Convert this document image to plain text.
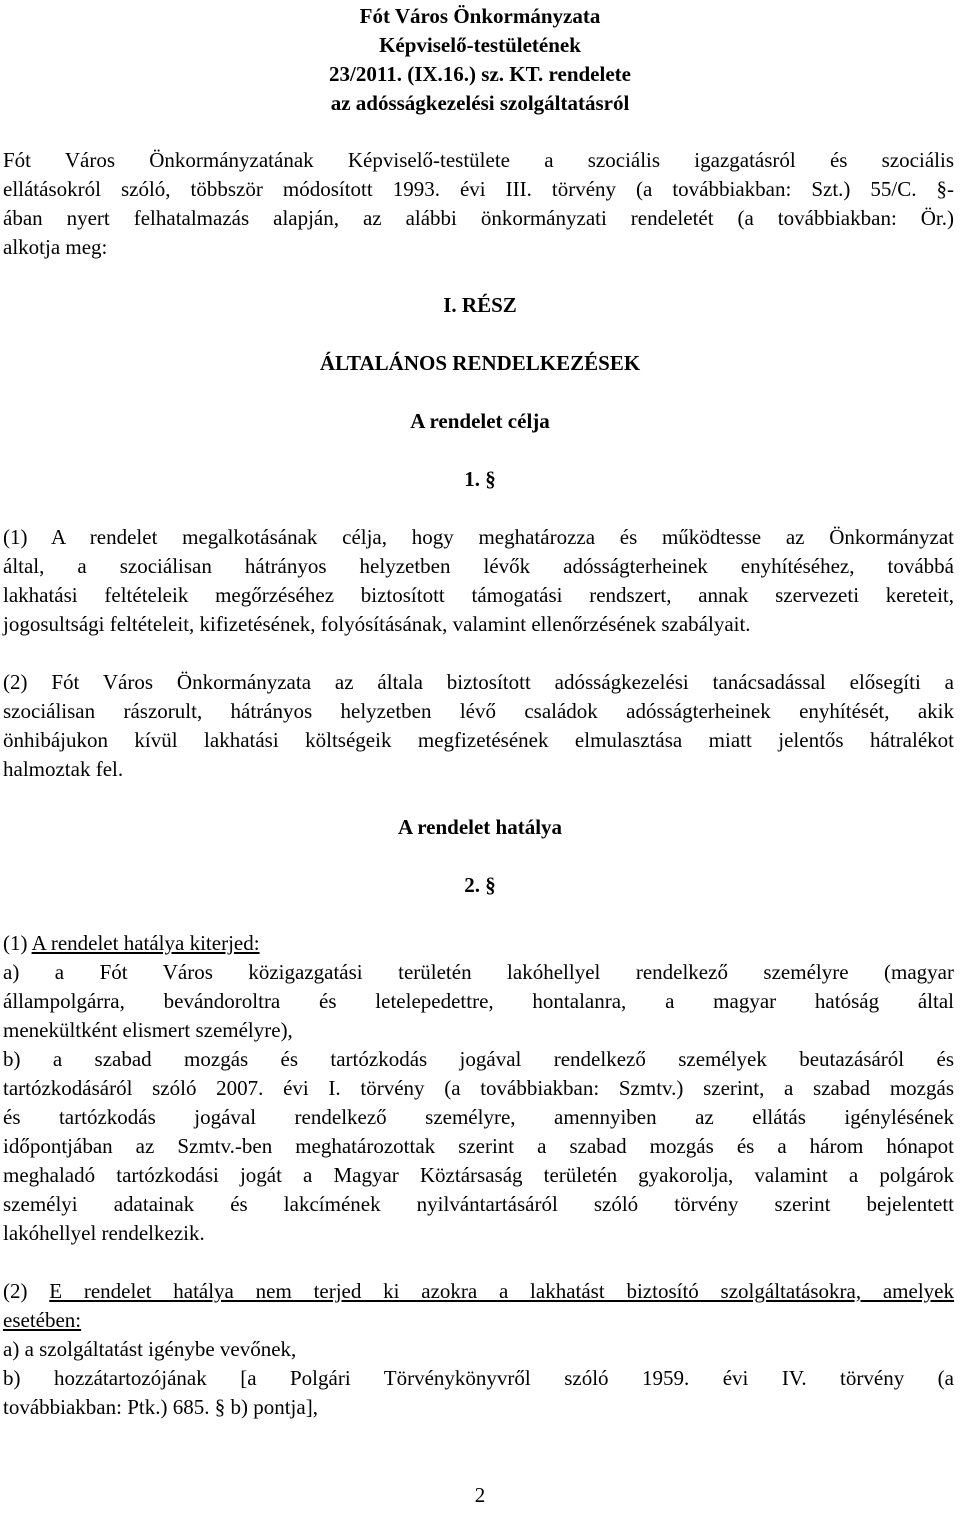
Fót Város Önkormányzata
Képviselő-testületének
23/2011. (IX.16.) sz. KT. rendelete
az adósságkezelési szolgáltatásról
Fót Város Önkormányzatának Képviselő-testülete a szociális igazgatásról és szociális
ellátásokról szóló, többször módosított 1993. évi III. törvény (a továbbiakban: Szt.) 55/C. §-
ában nyert felhatalmazás alapján, az alábbi önkormányzati rendeletét (a továbbiakban: Ör.)
alkotja meg:
I. RÉSZ
ÁLTALÁNOS RENDELKEZÉSEK
A rendelet célja
1. §
(1) A rendelet megalkotásának célja, hogy meghatározza és működtesse az Önkormányzat
által, a szociálisan hátrányos helyzetben lévők adósságterheinek enyhítéséhez, továbbá
lakhatási feltételeik megőrzéséhez biztosított támogatási rendszert, annak szervezeti kereteit,
jogosultsági feltételeit, kifizetésének, folyósításának, valamint ellenőrzésének szabályait.
(2) Fót Város Önkormányzata az általa biztosított adósságkezelési tanácsadással elősegíti a
szociálisan rászorult, hátrányos helyzetben lévő családok adósságterheinek enyhítését, akik
önhibájukon kívül lakhatási költségeik megfizetésének elmulasztása miatt jelentős hátralékot
halmoztak fel.
A rendelet hatálya
2. §
(1) A rendelet hatálya kiterjed:
a) a Fót Város közigazgatási területén lakóhellyel rendelkező személyre (magyar
állampolgárra, bevándoroltra és letelepedettre, hontalanra, a magyar hatóság által
menekültként elismert személyre),
b) a szabad mozgás és tartózkodás jogával rendelkező személyek beutazásáról és
tartózkodásáról szóló 2007. évi I. törvény (a továbbiakban: Szmtv.) szerint, a szabad mozgás
és tartózkodás jogával rendelkező személyre, amennyiben az ellátás igénylésének
időpontjában az Szmtv.-ben meghatározottak szerint a szabad mozgás és a három hónapot
meghaladó tartózkodási jogát a Magyar Köztársaság területén gyakorolja, valamint a polgárok
személyi adatainak és lakcímének nyilvántartásáról szóló törvény szerint bejelentett
lakóhellyel rendelkezik.
(2) E rendelet hatálya nem terjed ki azokra a lakhatást biztosító szolgáltatásokra, amelyek
esetében:
a) a szolgáltatást igénybe vevőnek,
b) hozzátartozójának [a Polgári Törvénykönyvről szóló 1959. évi IV. törvény (a
továbbiakban: Ptk.) 685. § b) pontja],
2
